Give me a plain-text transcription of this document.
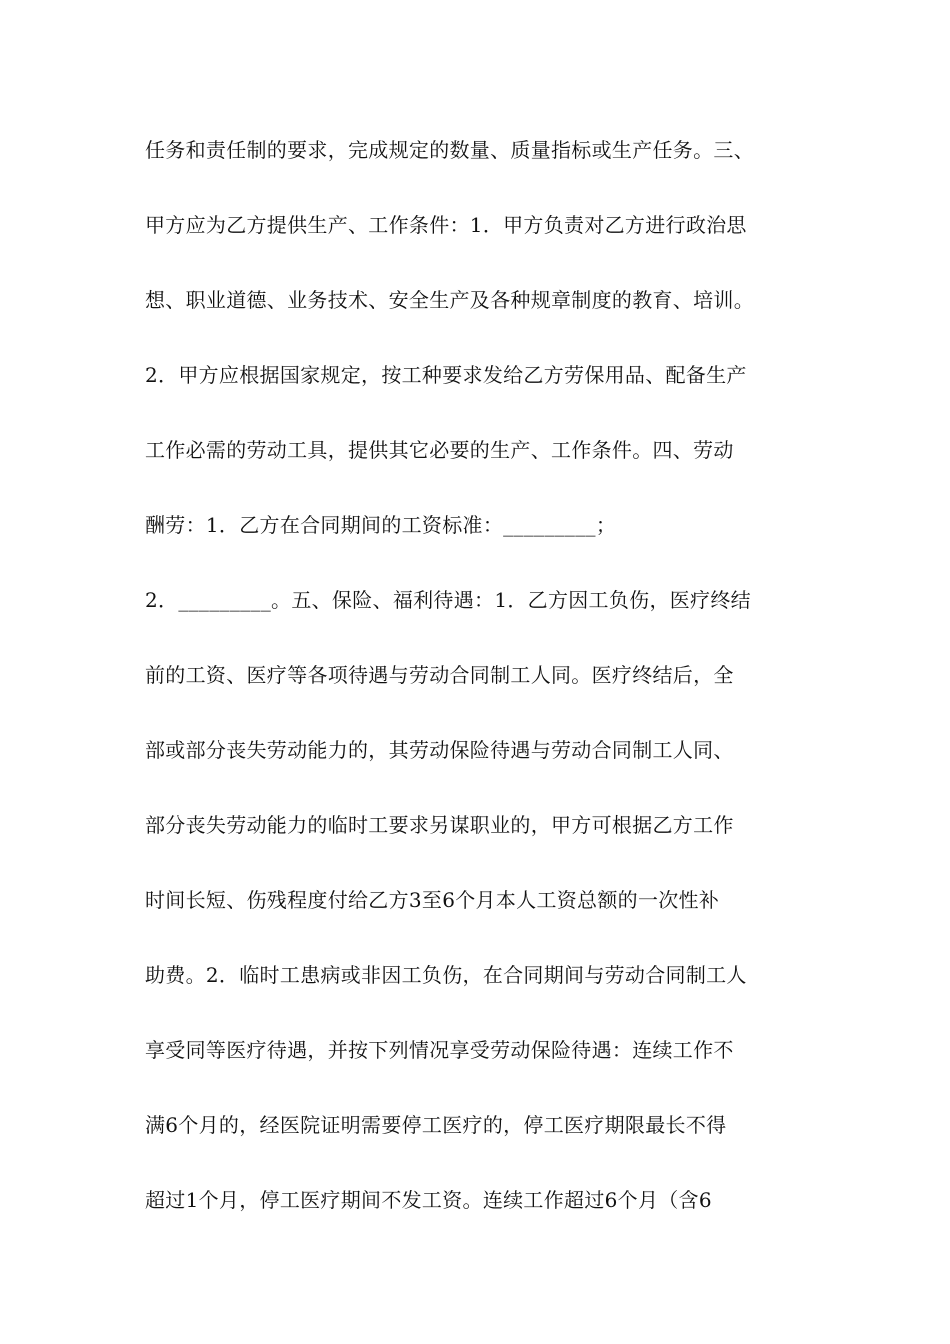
任务和责任制的要求，完成规定的数量、质量指标或生产任务。三、
甲方应为乙方提供生产、工作条件：1．甲方负责对乙方进行政治思
想、职业道德、业务技术、安全生产及各种规章制度的教育、培训。
2．甲方应根据国家规定，按工种要求发给乙方劳保用品、配备生产
工作必需的劳动工具，提供其它必要的生产、工作条件。四、劳动
酬劳：1．乙方在合同期间的工资标准：_________；
2．_________。五、保险、福利待遇：1．乙方因工负伤，医疗终结
前的工资、医疗等各项待遇与劳动合同制工人同。医疗终结后，全
部或部分丧失劳动能力的，其劳动保险待遇与劳动合同制工人同、
部分丧失劳动能力的临时工要求另谋职业的，甲方可根据乙方工作
时间长短、伤残程度付给乙方3至6个月本人工资总额的一次性补
助费。2．临时工患病或非因工负伤，在合同期间与劳动合同制工人
享受同等医疗待遇，并按下列情况享受劳动保险待遇：连续工作不
满6个月的，经医院证明需要停工医疗的，停工医疗期限最长不得
超过1个月，停工医疗期间不发工资。连续工作超过6个月（含6
